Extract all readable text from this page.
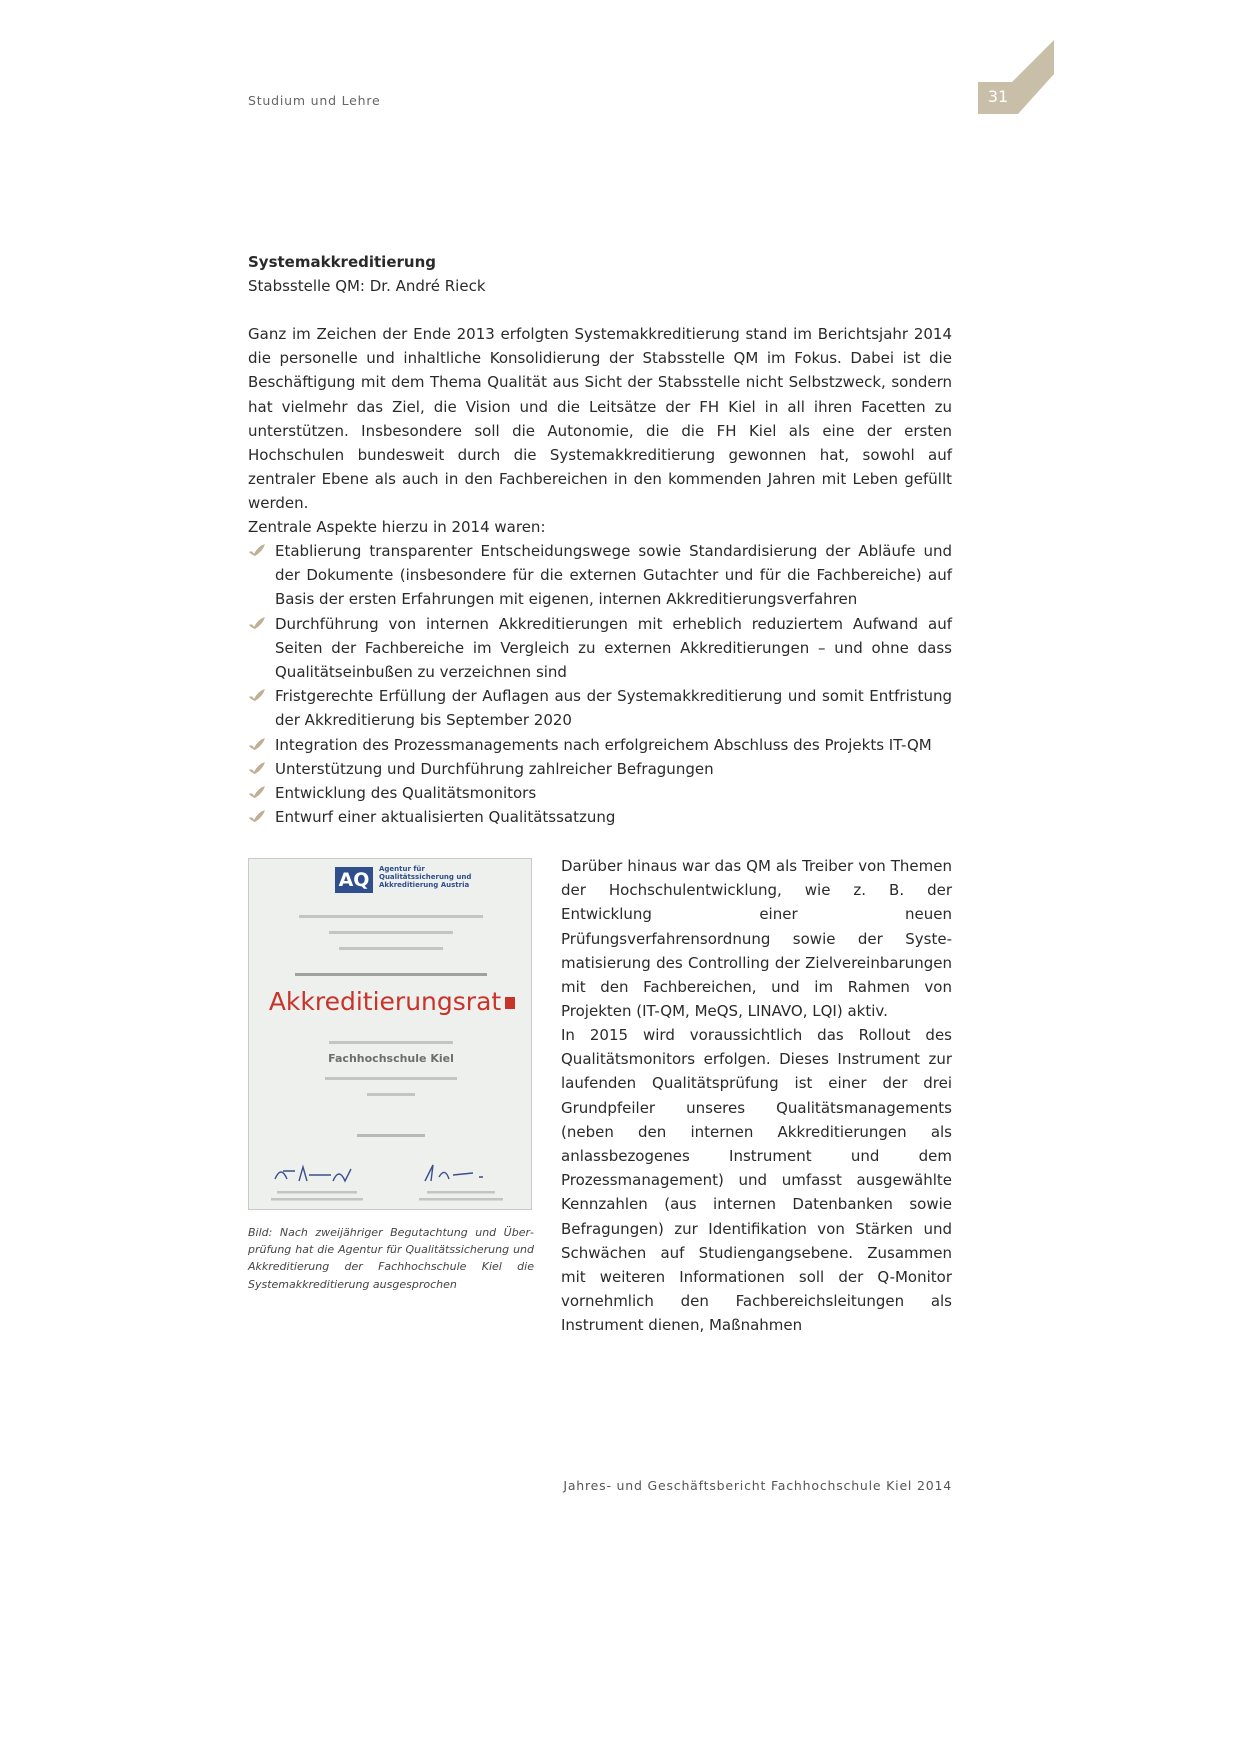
Studium und Lehre	31
Systemakkreditierung
Stabsstelle QM: Dr. André Rieck
Ganz im Zeichen der Ende 2013 erfolgten Systemakkreditierung stand im Berichtsjahr 2014 die personelle und inhaltliche Konsolidierung der Stabsstelle QM im Fokus. Dabei ist die Beschäftigung mit dem Thema Qualität aus Sicht der Stabsstelle nicht Selbstzweck, sondern hat vielmehr das Ziel, die Vision und die Leitsätze der FH Kiel in all ihren Facetten zu unterstützen. Insbesondere soll die Autonomie, die die FH Kiel als eine der ersten Hochschulen bundesweit durch die Systemakkreditierung gewonnen hat, sowohl auf zentraler Ebene als auch in den Fachbereichen in den kommenden Jahren mit Leben gefüllt werden.
Zentrale Aspekte hierzu in 2014 waren:
Etablierung transparenter Entscheidungswege sowie Standardisierung der Abläufe und der Dokumente (insbesondere für die externen Gutachter und für die Fachbereiche) auf Basis der ersten Erfahrungen mit eigenen, internen Akkreditierungsverfahren
Durchführung von internen Akkreditierungen mit erheblich reduziertem Aufwand auf Seiten der Fachbereiche im Vergleich zu externen Akkreditierungen – und ohne dass Qualitätseinbußen zu verzeichnen sind
Fristgerechte Erfüllung der Auflagen aus der Systemakkreditierung und somit Entfristung der Akkreditierung bis September 2020
Integration des Prozessmanagements nach erfolgreichem Abschluss des Projekts IT-QM
Unterstützung und Durchführung zahlreicher Befragungen
Entwicklung des Qualitätsmonitors
Entwurf einer aktualisierten Qualitätssatzung
AQ	Agentur für Qualitätssicherung und Akkreditierung Austria
Akkreditierungsrat
Fachhochschule Kiel
Bild: Nach zweijähriger Begutachtung und Überprüfung hat die Agentur für Qualitätssicherung und Akkreditierung der Fachhochschule Kiel die Systemakkreditierung ausgesprochen
Darüber hinaus war das QM als Treiber von Themen der Hochschulentwicklung, wie z. B. der Entwicklung einer neuen Prüfungsverfahrensordnung sowie der Systematisierung des Controlling der Zielvereinbarungen mit den Fachbereichen, und im Rahmen von Projekten (IT-QM, MeQS, LINAVO, LQI) aktiv.
In 2015 wird voraussichtlich das Rollout des Qualitätsmonitors erfolgen. Dieses Instrument zur laufenden Qualitätsprüfung ist einer der drei Grundpfeiler unseres Qualitätsmanagements (neben den internen Akkreditierungen als anlassbezogenes Instrument und dem Prozessmanagement) und umfasst ausgewählte Kennzahlen (aus internen Datenbanken sowie Befragungen) zur Identifikation von Stärken und Schwächen auf Studiengangsebene. Zusammen mit weiteren Informationen soll der Q-Monitor vornehmlich den Fachbereichsleitungen als Instrument dienen, Maßnahmen
Jahres- und Geschäftsbericht Fachhochschule Kiel 2014
